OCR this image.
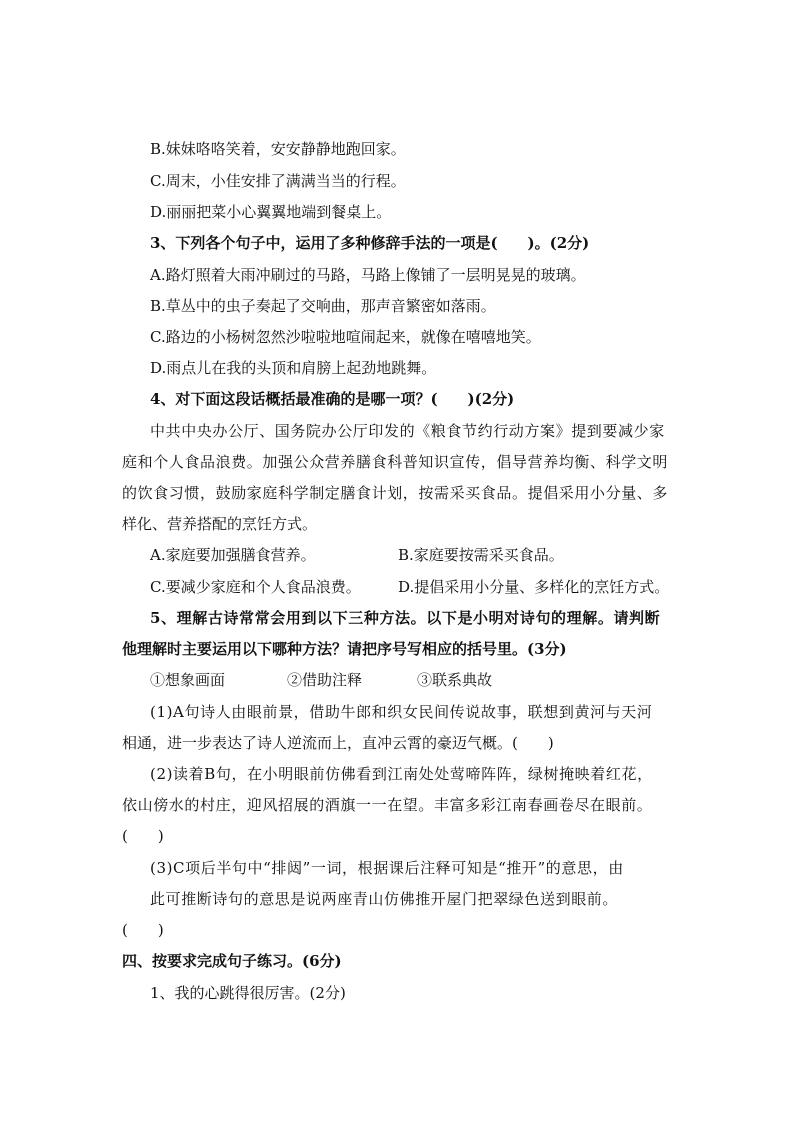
B.妹妹咯咯笑着，安安静静地跑回家。
C.周末，小佳安排了满满当当的行程。
D.丽丽把菜小心翼翼地端到餐桌上。
3、下列各个句子中，运用了多种修辞手法的一项是(　　)。(2分)
A.路灯照着大雨冲刷过的马路，马路上像铺了一层明晃晃的玻璃。
B.草丛中的虫子奏起了交响曲，那声音繁密如落雨。
C.路边的小杨树忽然沙啦啦地喧闹起来，就像在嘻嘻地笑。
D.雨点儿在我的头顶和肩膀上起劲地跳舞。
4、对下面这段话概括最准确的是哪一项？(　　)(2分)
中共中央办公厅、国务院办公厅印发的《粮食节约行动方案》提到要减少家
庭和个人食品浪费。加强公众营养膳食科普知识宣传，倡导营养均衡、科学文明
的饮食习惯，鼓励家庭科学制定膳食计划，按需采买食品。提倡采用小分量、多
样化、营养搭配的烹饪方式。
A.家庭要加强膳食营养。	B.家庭要按需采买食品。
C.要减少家庭和个人食品浪费。 D.提倡采用小分量、多样化的烹饪方式。
5、理解古诗常常会用到以下三种方法。以下是小明对诗句的理解。请判断
他理解时主要运用以下哪种方法？请把序号写相应的括号里。(3分)
①想象画面	②借助注释	③联系典故
(1)A句诗人由眼前景，借助牛郎和织女民间传说故事，联想到黄河与天河
相通，进一步表达了诗人逆流而上，直冲云霄的豪迈气概。(　　)
(2)读着B句，在小明眼前仿佛看到江南处处莺啼阵阵，绿树掩映着红花，
依山傍水的村庄，迎风招展的酒旗一一在望。丰富多彩江南春画卷尽在眼前。
(　　)
(3)C项后半句中“排闼”一词，根据课后注释可知是“推开”的意思，由
此可推断诗句的意思是说两座青山仿佛推开屋门把翠绿色送到眼前。
(　　)
四、按要求完成句子练习。(6分)
1、我的心跳得很厉害。(2分)
